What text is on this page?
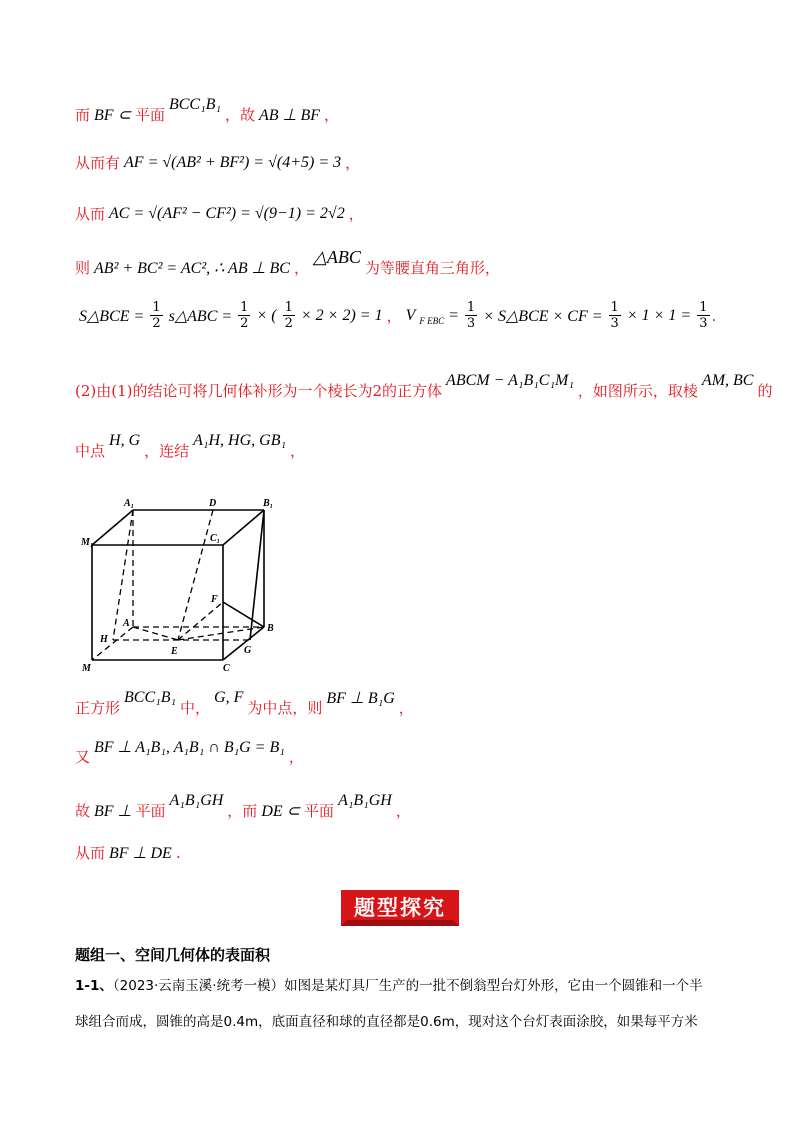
而 BF ⊂ 平面
BCC₁B₁
，故 AB ⊥ BF ，
从而有 AF = √(AB² + BF²) = √(4+5) = 3 ，
从而 AC = √(AF² − CF²) = √(9−1) = 2√2 ，
则 AB² + BC² = AC², ∴ AB ⊥ BC ，
△ABC
为等腰直角三角形，
S△BCE = $\frac{1}{2}$ s△ABC = $\frac{1}{2}$ × ( $\frac{1}{2} \times 2 \times 2) = 1$ ， V F EBC = $\frac{1}{3}$ × S△BCE × CF = $\frac{1}{3} \times 1 \times 1 = \frac{1}{3}$ .
(2)由(1)的结论可将几何体补形为一个棱长为2的正方体
ABCM − A₁B₁C₁M₁
，如图所示，取棱
AM, BC
的
中点
H, G
，连结
A₁H, HG, GB₁
，
A₁	D	B₁
M₁	C₁
F
A	B
H
E	G
M	C
正方形
BCC₁B₁
中，
G, F
为中点，则
BF ⊥ B₁G
，
又
BF ⊥ A₁B₁, A₁B₁ ∩ B₁G = B₁
，
故 BF ⊥ 平面
A₁B₁GH
，而 DE ⊂ 平面
A₁B₁GH
，
从而 BF ⊥ DE .
题型探究
题组一、空间几何体的表面积
1-1、（2023·云南玉溪·统考一模）如图是某灯具厂生产的一批不倒翁型台灯外形，它由一个圆锥和一个半
球组合而成，圆锥的高是0.4m，底面直径和球的直径都是0.6m，现对这个台灯表面涂胶，如果每平方米
